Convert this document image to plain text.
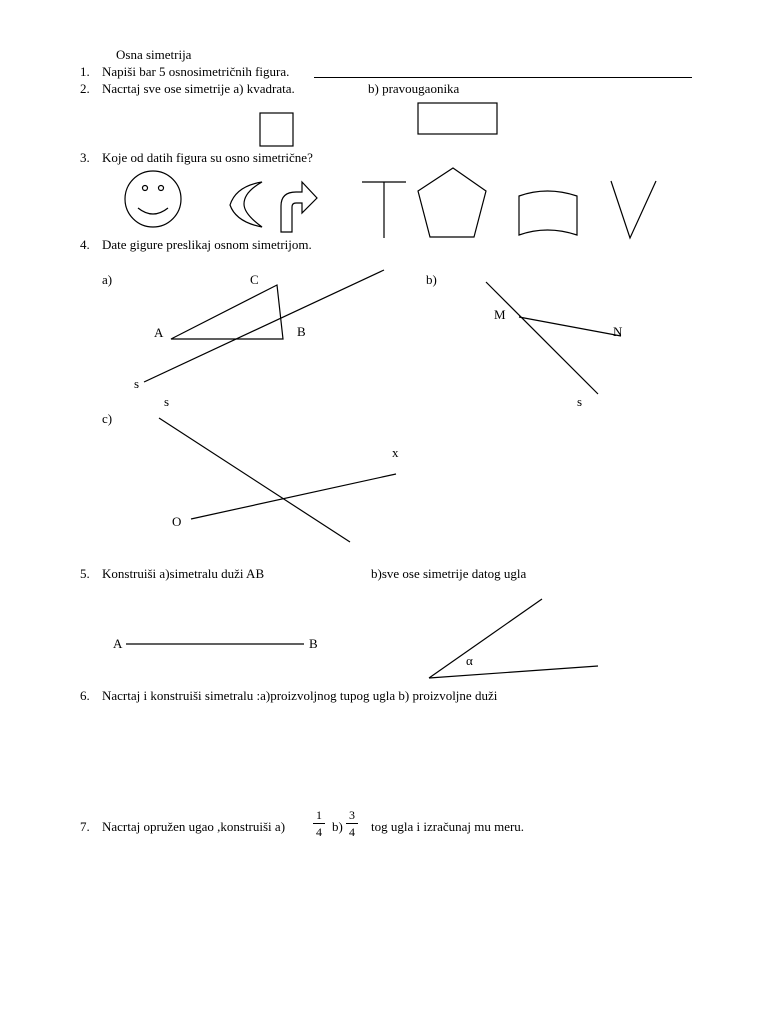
Osna simetrija
1. Napiši bar 5 osnosimetričnih figura.
2. Nacrtaj sve ose simetrije a) kvadrata.	b) pravougaonika
3. Koje od datih figura su osno simetrične?
4. Date gigure preslikaj osnom simetrijom.
a)	C
A	B
s
s
b)
M
N
s
c)
x
O
5. Konstruiši a)simetralu duži AB	b)sve ose simetrije datog ugla
A	B
α
6. Nacrtaj i konstruiši simetralu :a)proizvoljnog tupog ugla b) proizvoljne duži
7. Nacrtaj opružen ugao ,konstruiši a)
1
4 b)
3
4 tog ugla i izračunaj mu meru.
